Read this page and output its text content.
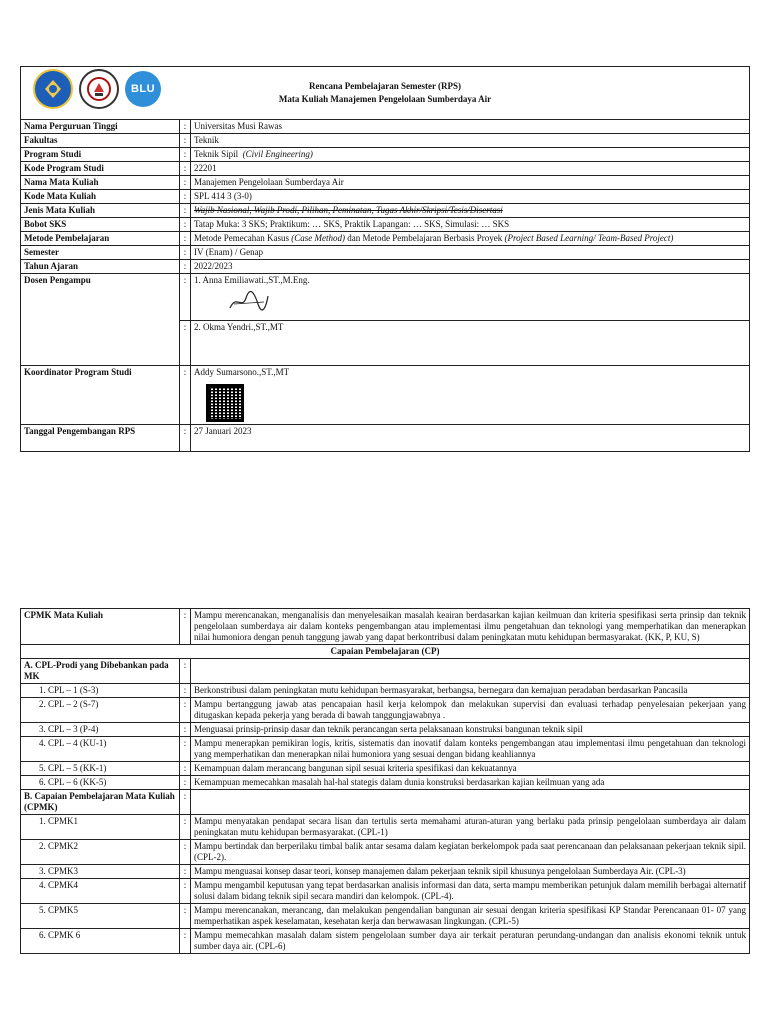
BLU Rencana Pembelajaran Semester (RPS)
Mata Kuliah Manajemen Pengelolaan Sumberdaya Air		

Nama Perguruan Tinggi	:	Universitas Musi Rawas
Fakultas	:	Teknik
Program Studi	:	Teknik Sipil (Civil Engineering)
Kode Program Studi	:	22201
Nama Mata Kuliah	:	Manajemen Pengelolaan Sumberdaya Air
Kode Mata Kuliah	:	SPL 414 3 (3-0)
Jenis Mata Kuliah	:	Wajib Nasional, Wajib Prodi, Pilihan, Peminatan, Tugas Akhir/Skripsi/Tesis/Disertasi
Bobot SKS	:	Tatap Muka: 3 SKS; Praktikum: … SKS, Praktik Lapangan: … SKS, Simulasi: … SKS
Metode Pembelajaran	:	Metode Pemecahan Kasus (Case Method) dan Metode Pembelajaran Berbasis Proyek (Project Based Learning/ Team-Based Project)
Semester	:	IV (Enam) / Genap
Tahun Ajaran	:	2022/2023
Dosen Pengampu	:	1. Anna Emiliawati.,ST.,M.Eng.

	:	2. Okma Yendri.,ST.,MT
Koordinator Program Studi	:	Addy Sumarsono.,ST.,MT

Tanggal Pengembangan RPS	:	27 Januari 2023
CPMK Mata Kuliah	:	Mampu merencanakan, menganalisis dan menyelesaikan masalah keairan berdasarkan kajian keilmuan dan kriteria spesifikasi serta prinsip dan teknik pengelolaan sumberdaya air dalam konteks pengembangan atau implementasi ilmu pengetahuan dan teknologi yang memperhatikan dan menerapkan nilai humoniora dengan penuh tanggung jawab yang dapat berkontribusi dalam peningkatan mutu kehidupan bermasyarakat. (KK, P, KU, S)
Capaian Pembelajaran (CP)		
A. CPL-Prodi yang Dibebankan pada MK	:	
1. CPL – 1 (S-3)	:	Berkonstribusi dalam peningkatan mutu kehidupan bermasyarakat, berbangsa, bernegara dan kemajuan peradaban berdasarkan Pancasila
2. CPL – 2 (S-7)	:	Mampu bertanggung jawab atas pencapaian hasil kerja kelompok dan melakukan supervisi dan evaluasi terhadap penyelesaian pekerjaan yang ditugaskan kepada pekerja yang berada di bawah tanggungjawabnya .
3. CPL – 3 (P-4)	:	Menguasai prinsip-prinsip dasar dan teknik perancangan serta pelaksanaan konstruksi bangunan teknik sipil
4. CPL – 4 (KU-1)	:	Mampu menerapkan pemikiran logis, kritis, sistematis dan inovatif dalam konteks pengembangan atau implementasi ilmu pengetahuan dan teknologi yang memperhatikan dan menerapkan nilai humoniora yang sesuai dengan bidang keahliannya
5. CPL – 5 (KK-1)	:	Kemampuan dalam merancang bangunan sipil sesuai kriteria spesifikasi dan kekuatannya
6. CPL – 6 (KK-5)	:	Kemampuan memecahkan masalah hal-hal stategis dalam dunia konstruksi berdasarkan kajian keilmuan yang ada
B. Capaian Pembelajaran Mata Kuliah (CPMK)	:	
1. CPMK1	:	Mampu menyatakan pendapat secara lisan dan tertulis serta memahami aturan-aturan yang berlaku pada prinsip pengelolaan sumberdaya air dalam peningkatan mutu kehidupan bermasyarakat. (CPL-1)
2. CPMK2	:	Mampu bertindak dan berperilaku timbal balik antar sesama dalam kegiatan berkelompok pada saat perencanaan dan pelaksanaan pekerjaan teknik sipil. (CPL-2).
3. CPMK3	:	Mampu menguasai konsep dasar teori, konsep manajemen dalam pekerjaan teknik sipil khusunya pengelolaan Sumberdaya Air. (CPL-3)
4. CPMK4	:	Mampu mengambil keputusan yang tepat berdasarkan analisis informasi dan data, serta mampu memberikan petunjuk dalam memilih berbagai alternatif solusi dalam bidang teknik sipil secara mandiri dan kelompok. (CPL-4).
5. CPMK5	:	Mampu merencanakan, merancang, dan melakukan pengendalian bangunan air sesuai dengan kriteria spesifikasi KP Standar Perencanaan 01- 07 yang memperhatikan aspek keselamatan, kesehatan kerja dan berwawasan lingkungan. (CPL-5)
6. CPMK 6	:	Mampu memecahkan masalah dalam sistem pengelolaan sumber daya air terkait peraturan perundang-undangan dan analisis ekonomi teknik untuk sumber daya air. (CPL-6)
